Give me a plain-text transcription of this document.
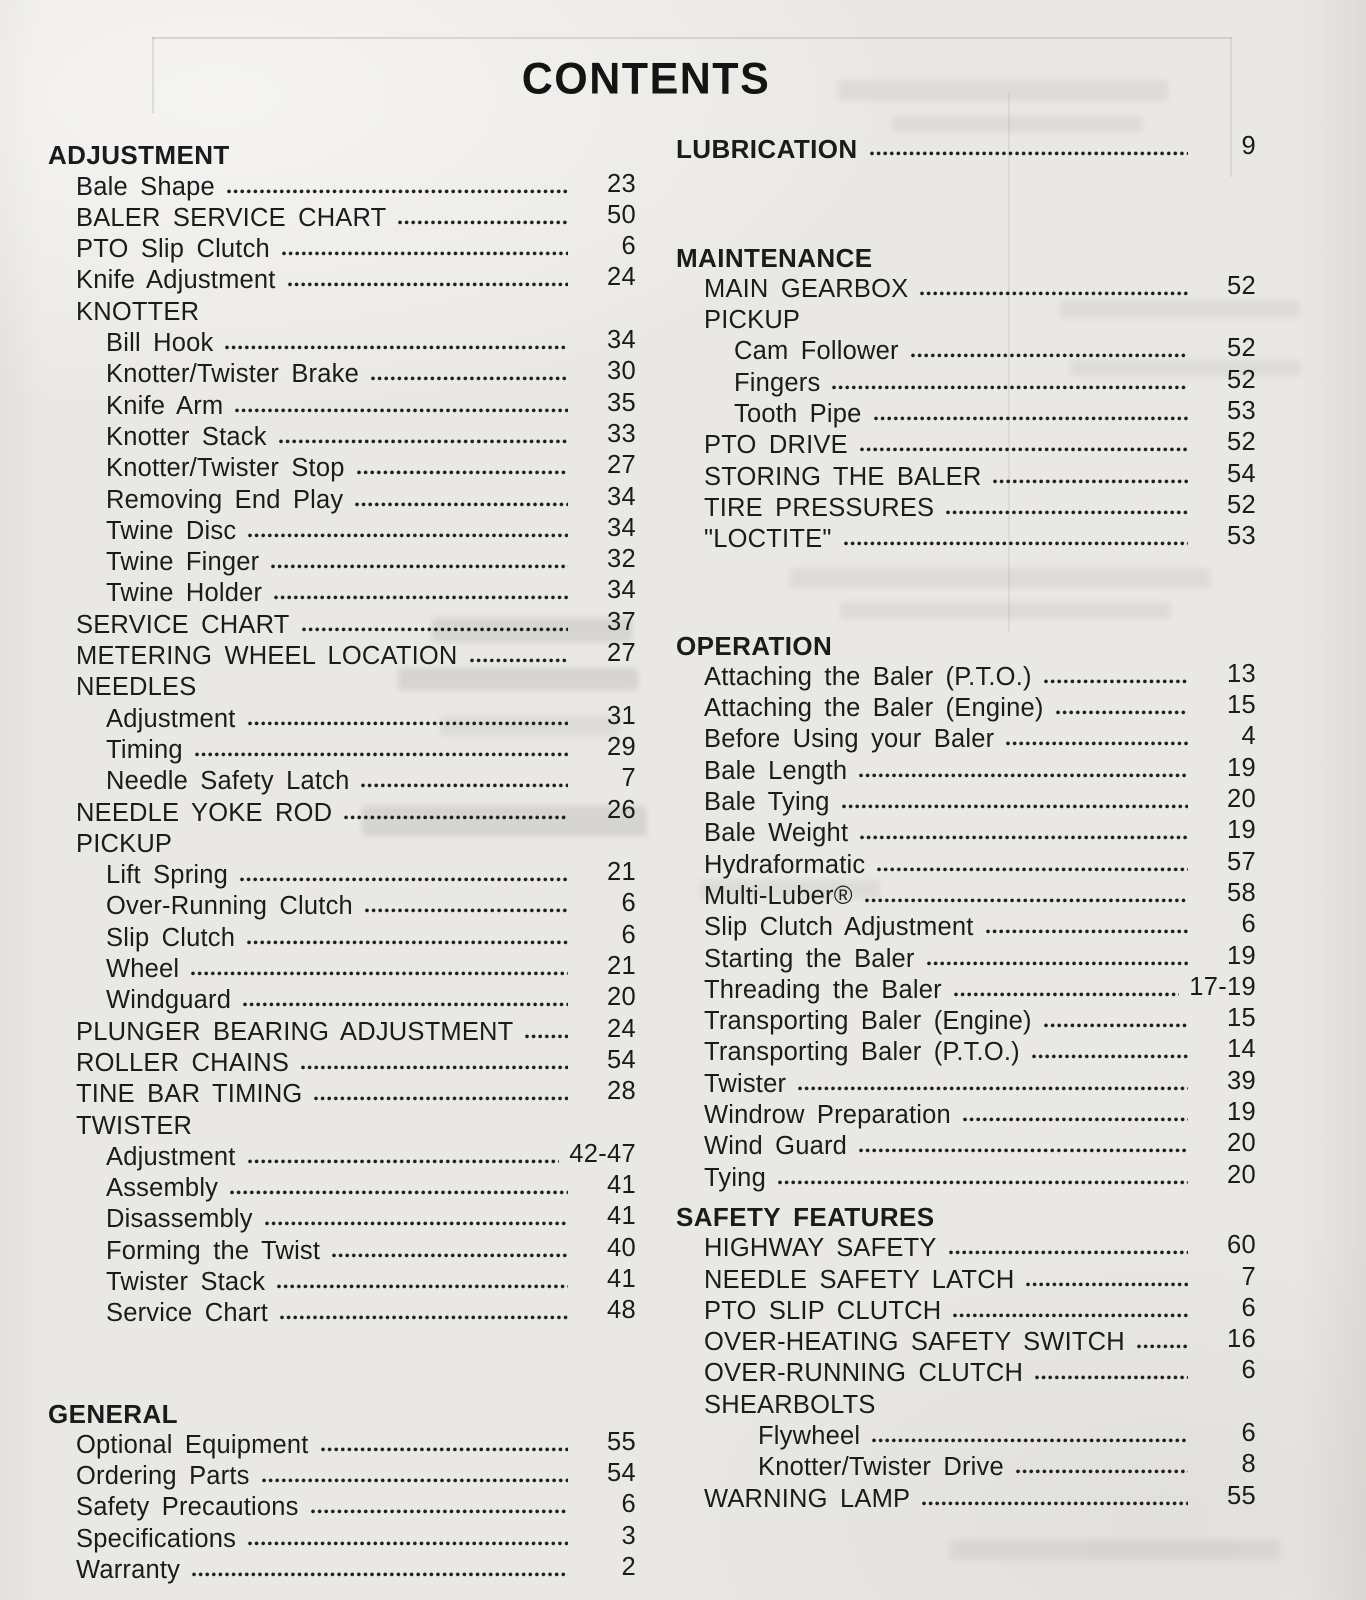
CONTENTS
ADJUSTMENT
Bale Shape	23
BALER SERVICE CHART	50
PTO Slip Clutch	6
Knife Adjustment	24
KNOTTER
Bill Hook	34
Knotter/Twister Brake	30
Knife Arm	35
Knotter Stack	33
Knotter/Twister Stop	27
Removing End Play	34
Twine Disc	34
Twine Finger	32
Twine Holder	34
SERVICE CHART	37
METERING WHEEL LOCATION	27
NEEDLES
Adjustment	31
Timing	29
Needle Safety Latch	7
NEEDLE YOKE ROD	26
PICKUP
Lift Spring	21
Over-Running Clutch	6
Slip Clutch	6
Wheel	21
Windguard	20
PLUNGER BEARING ADJUSTMENT	24
ROLLER CHAINS	54
TINE BAR TIMING	28
TWISTER
Adjustment	42-47
Assembly	41
Disassembly	41
Forming the Twist	40
Twister Stack	41
Service Chart	48
GENERAL
Optional Equipment	55
Ordering Parts	54
Safety Precautions	6
Specifications	3
Warranty	2
LUBRICATION	9
MAINTENANCE
MAIN GEARBOX	52
PICKUP
Cam Follower	52
Fingers	52
Tooth Pipe	53
PTO DRIVE	52
STORING THE BALER	54
TIRE PRESSURES	52
"LOCTITE"	53
OPERATION
Attaching the Baler (P.T.O.)	13
Attaching the Baler (Engine)	15
Before Using your Baler	4
Bale Length	19
Bale Tying	20
Bale Weight	19
Hydraformatic	57
Multi-Luber®	58
Slip Clutch Adjustment	6
Starting the Baler	19
Threading the Baler	17-19
Transporting Baler (Engine)	15
Transporting Baler (P.T.O.)	14
Twister	39
Windrow Preparation	19
Wind Guard	20
Tying	20
SAFETY FEATURES
HIGHWAY SAFETY	60
NEEDLE SAFETY LATCH	7
PTO SLIP CLUTCH	6
OVER-HEATING SAFETY SWITCH	16
OVER-RUNNING CLUTCH	6
SHEARBOLTS
Flywheel	6
Knotter/Twister Drive	8
WARNING LAMP	55
